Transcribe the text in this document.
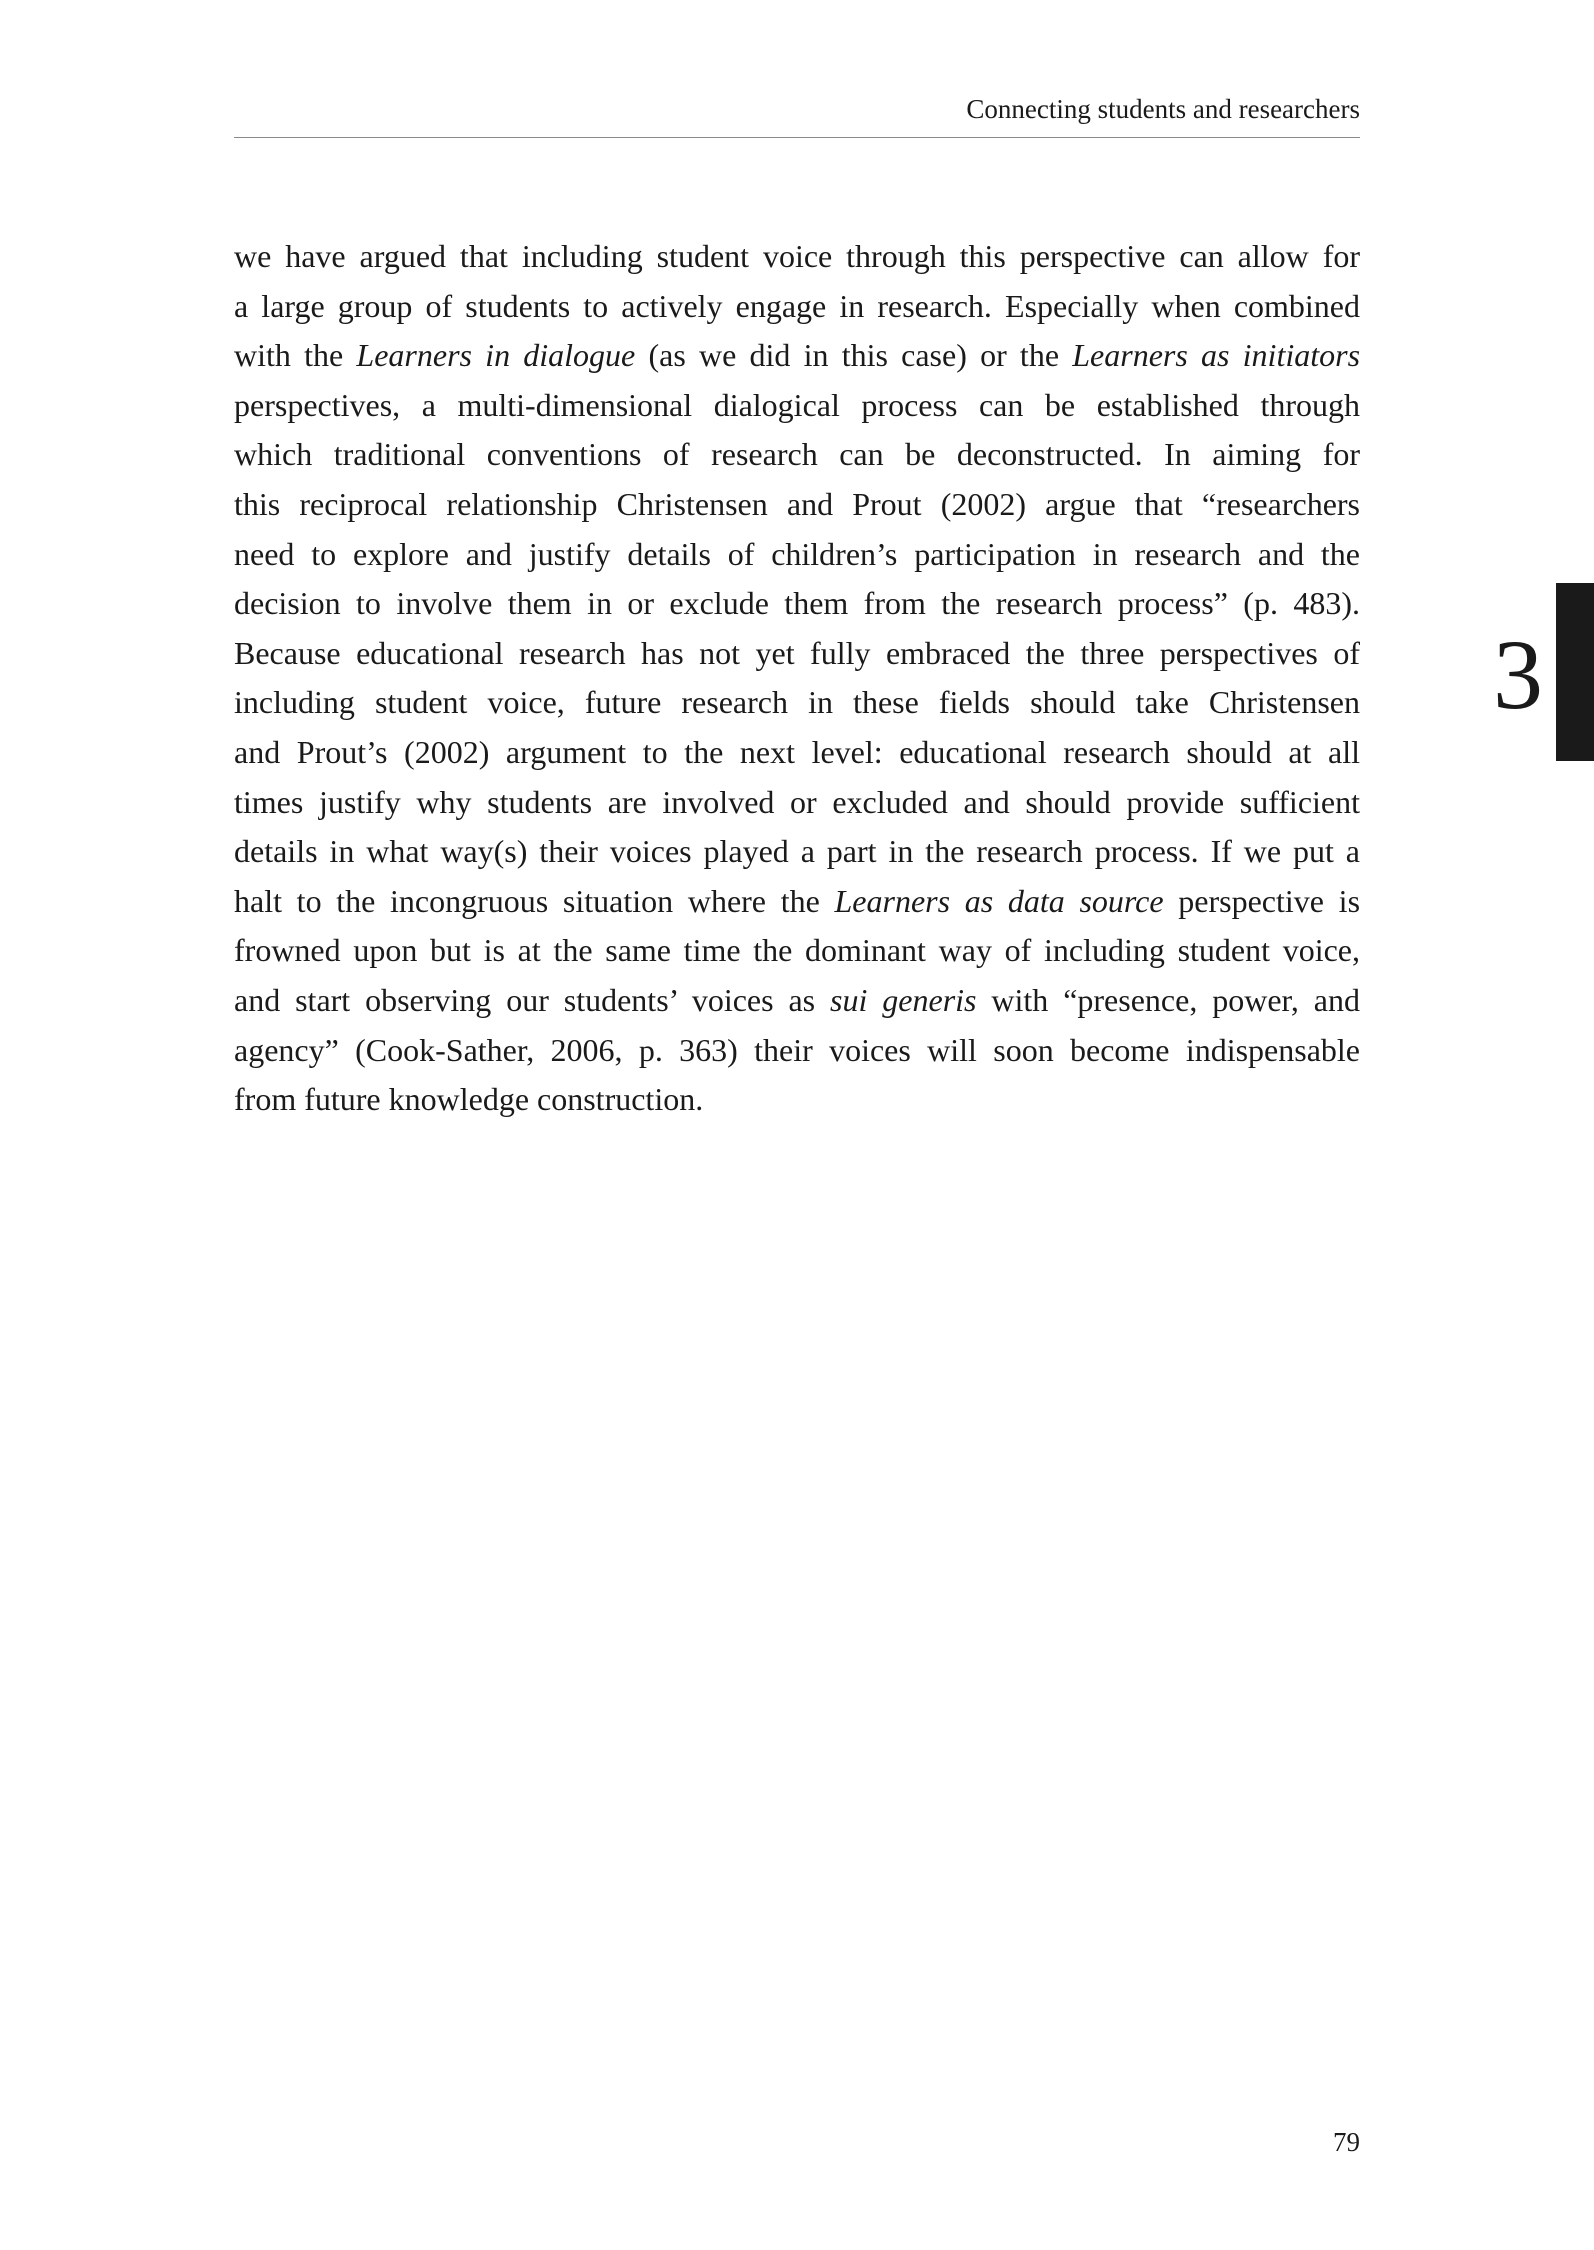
Connecting students and researchers
we have argued that including student voice through this perspective can allow for
a large group of students to actively engage in research. Especially when combined
with the Learners in dialogue (as we did in this case) or the Learners as initiators
perspectives, a multi-dimensional dialogical process can be established through
which traditional conventions of research can be deconstructed. In aiming for
this reciprocal relationship Christensen and Prout (2002) argue that “researchers
need to explore and justify details of children’s participation in research and the
decision to involve them in or exclude them from the research process” (p. 483).
Because educational research has not yet fully embraced the three perspectives of
including student voice, future research in these fields should take Christensen
and Prout’s (2002) argument to the next level: educational research should at all
times justify why students are involved or excluded and should provide sufficient
details in what way(s) their voices played a part in the research process. If we put a
halt to the incongruous situation where the Learners as data source perspective is
frowned upon but is at the same time the dominant way of including student voice,
and start observing our students’ voices as sui generis with “presence, power, and
agency” (Cook-Sather, 2006, p. 363) their voices will soon become indispensable
from future knowledge construction.
3
79
